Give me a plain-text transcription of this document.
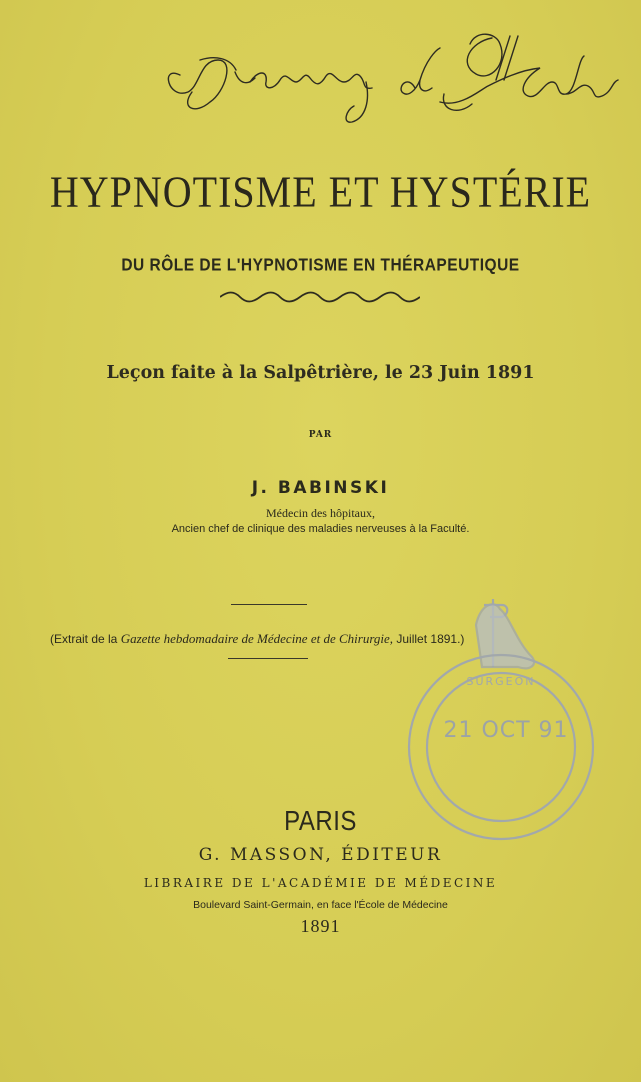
HYPNOTISME ET HYSTÉRIE
DU RÔLE DE L'HYPNOTISME EN THÉRAPEUTIQUE
Leçon faite à la Salpêtrière, le 23 Juin 1891
PAR
J. BABINSKI
Médecin des hôpitaux,
Ancien chef de clinique des maladies nerveuses à la Faculté.
(Extrait de la Gazette hebdomadaire de Médecine et de Chirurgie, Juillet 1891.)
SURGEON
21 OCT 91
PARIS
G. MASSON, ÉDITEUR
LIBRAIRE DE L'ACADÉMIE DE MÉDECINE
Boulevard Saint-Germain, en face l'École de Médecine
1891
